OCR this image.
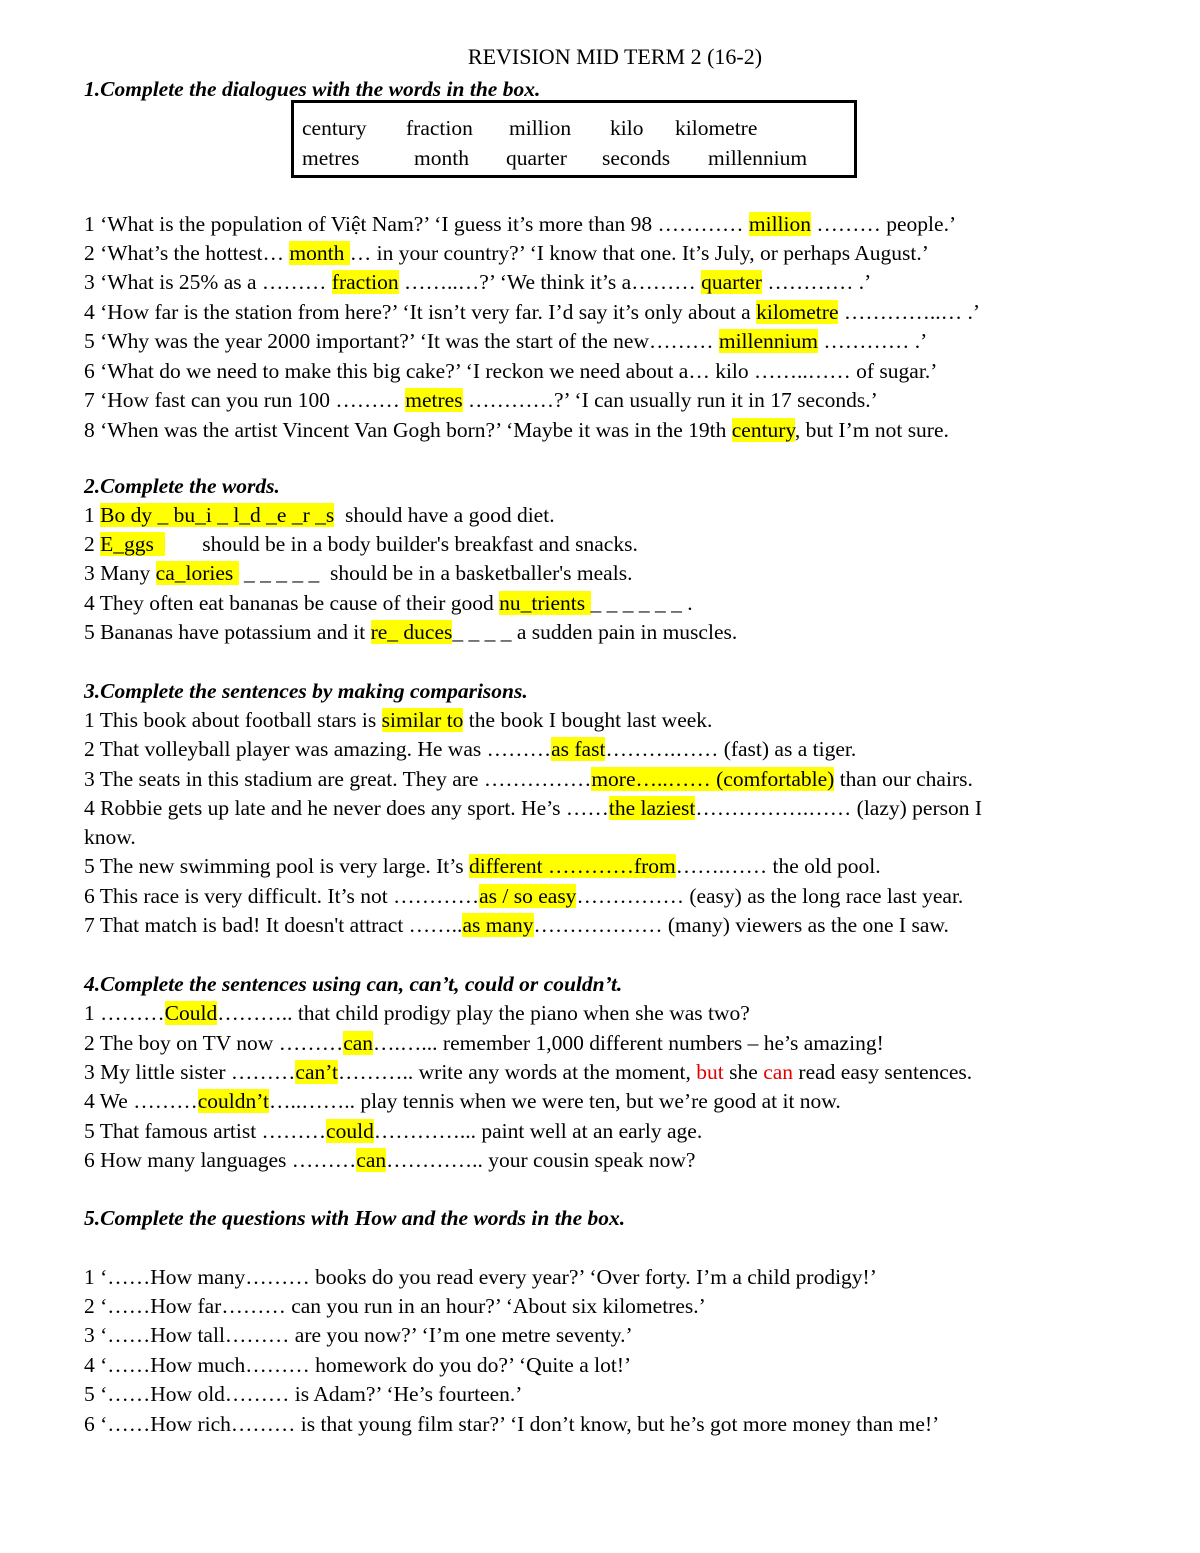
REVISION MID TERM 2 (16-2)
1.Complete the dialogues with the words in the box.
century	fraction	million	kilo	kilometre
metres	month	quarter	seconds	millennium
1 ‘What is the population of Việt Nam?’ ‘I guess it’s more than 98 ………… million ……… people.’
2 ‘What’s the hottest… month … in your country?’ ‘I know that one. It’s July, or perhaps August.’
3 ‘What is 25% as a ……… fraction ……..…?’ ‘We think it’s a……… quarter ………… .’
4 ‘How far is the station from here?’ ‘It isn’t very far. I’d say it’s only about a kilometre …………..… .’
5 ‘Why was the year 2000 important?’ ‘It was the start of the new……… millennium ………… .’
6 ‘What do we need to make this big cake?’ ‘I reckon we need about a… kilo ……..…… of sugar.’
7 ‘How fast can you run 100 ……… metres …………?’ ‘I can usually run it in 17 seconds.’
8 ‘When was the artist Vincent Van Gogh born?’ ‘Maybe it was in the 19th century, but I’m not sure.
2.Complete the words.
1 Bo dy _ bu_i _ l_d _e _r _s  should have a good diet.
2 E_ggs         should be in a body builder's breakfast and snacks.
3 Many ca_lories  _ _ _ _ _  should be in a basketballer's meals.
4 They often eat bananas be cause of their good nu_trients _ _ _ _ _ _ .
5 Bananas have potassium and it re_ duces_ _ _ _ a sudden pain in muscles.
3.Complete the sentences by making comparisons.
1 This book about football stars is similar to the book I bought last week.
2 That volleyball player was amazing. He was ………as fast……….…… (fast) as a tiger.
3 The seats in this stadium are great. They are ……………more…..…… (comfortable) than our chairs.
4 Robbie gets up late and he never does any sport. He’s ……the laziest…………….…… (lazy) person I
know.
5 The new swimming pool is very large. It’s different …………from…….…… the old pool.
6 This race is very difficult. It’s not …………as / so easy…………… (easy) as the long race last year.
7 That match is bad! It doesn't attract ……..as many……………… (many) viewers as the one I saw.
4.Complete the sentences using can, can’t, could or couldn’t.
1 ………Could……….. that child prodigy play the piano when she was two?
2 The boy on TV now ………can….…... remember 1,000 different numbers – he’s amazing!
3 My little sister ………can’t……….. write any words at the moment, but she can read easy sentences.
4 We ………couldn’t…..…….. play tennis when we were ten, but we’re good at it now.
5 That famous artist ………could…………... paint well at an early age.
6 How many languages ………can………….. your cousin speak now?
5.Complete the questions with How and the words in the box.
1 ‘……How many……… books do you read every year?’ ‘Over forty. I’m a child prodigy!’
2 ‘……How far……… can you run in an hour?’ ‘About six kilometres.’
3 ‘……How tall……… are you now?’ ‘I’m one metre seventy.’
4 ‘……How much……… homework do you do?’ ‘Quite a lot!’
5 ‘……How old……… is Adam?’ ‘He’s fourteen.’
6 ‘……How rich……… is that young film star?’ ‘I don’t know, but he’s got more money than me!’
